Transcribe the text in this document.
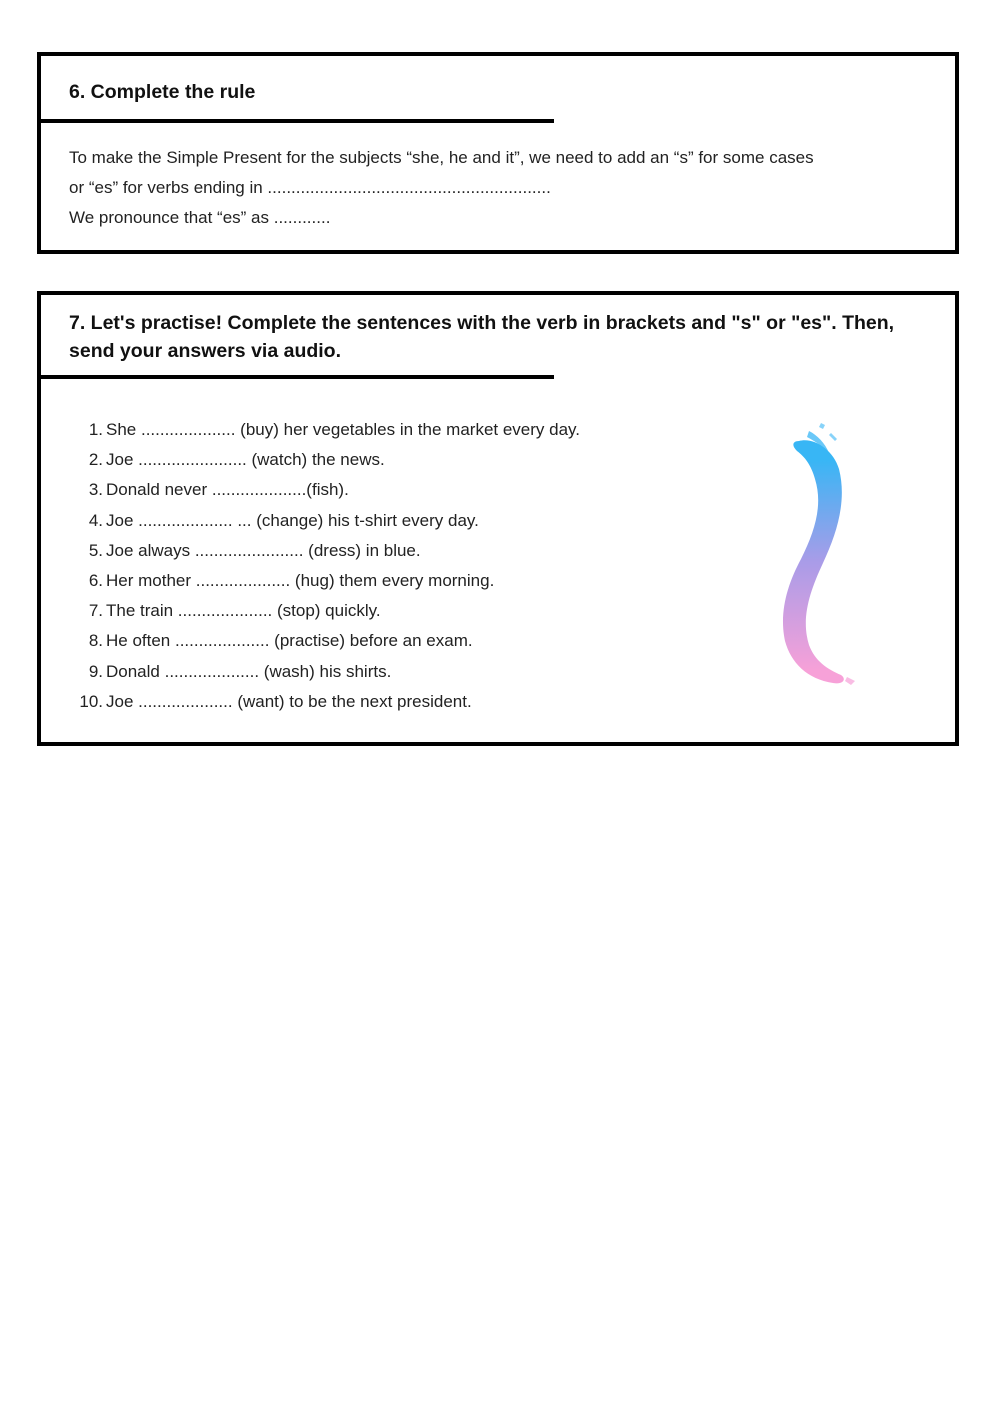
6. Complete the rule

To make the Simple Present for the subjects “she, he and it”, we need to add an “s” for some cases

or “es” for verbs ending in ............................................................

We pronounce that “es” as ............

7. Let's practise! Complete the sentences with the verb in brackets and "s" or "es". Then, send your answers via audio.
1. She .................... (buy) her vegetables in the market every day.
2. Joe ....................... (watch) the news.
3. Donald never ....................(fish).
4. Joe .................... ... (change) his t-shirt every day.
5. Joe always ....................... (dress) in blue.
6. Her mother .................... (hug) them every morning.
7. The train .................... (stop) quickly.
8. He often .................... (practise) before an exam.
9. Donald .................... (wash) his shirts.
10. Joe .................... (want) to be the next president.
